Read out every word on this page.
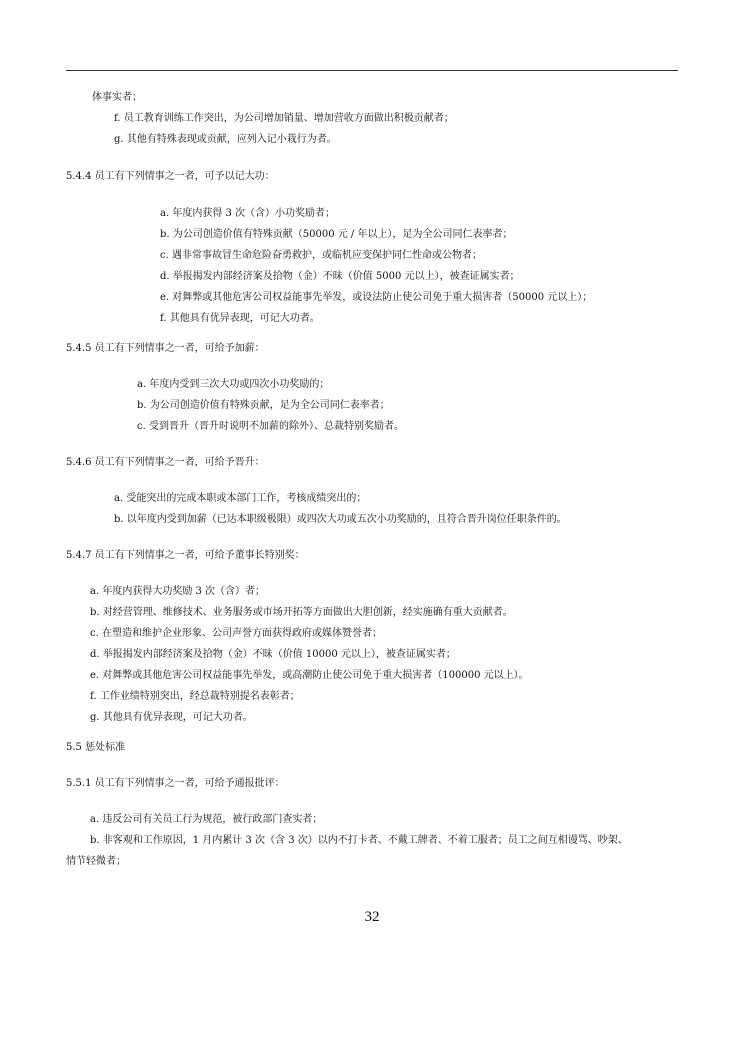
体事实者；
f. 员工教育训练工作突出，为公司增加销量、增加营收方面做出积极贡献者；
g. 其他有特殊表现或贡献，应列入记小栽行为者。
5.4.4 员工有下列情事之一者，可予以记大功：
a. 年度内获得 3 次（含）小功奖励者；
b. 为公司创造价值有特殊贡献（50000 元 / 年以上），足为全公司同仁表率者；
c. 遇非常事故冒生命危险奋勇救护，或临机应变保护同仁性命或公物者；
d. 举报揭发内部经济案及拾物（金）不昧（价值 5000 元以上），被查证属实者；
e. 对舞弊或其他危害公司权益能事先举发，或设法防止使公司免于重大损害者（50000 元以上）；
f. 其他具有优异表现，可记大功者。
5.4.5 员工有下列情事之一者，可给予加薪：
a. 年度内受到三次大功或四次小功奖励的；
b. 为公司创造价值有特殊贡献，足为全公司同仁表率者；
c. 受到晋升（晋升时说明不加薪的除外）、总裁特别奖励者。
5.4.6 员工有下列情事之一者，可给予晋升：
a. 受能突出的完成本职或本部门工作，考核成绩突出的；
b. 以年度内受到加薪（已达本职级极限）或四次大功或五次小功奖励的，且符合晋升岗位任职条件的。
5.4.7 员工有下列情事之一者，可给予董事长特别奖：
a. 年度内获得大功奖励 3 次（含）者；
b. 对经营管理、维修技术、业务服务或市场开拓等方面做出大胆创新，经实施确有重大贡献者。
c. 在塑造和维护企业形象、公司声誉方面获得政府或媒体赞誉者；
d. 举报揭发内部经济案及拾物（金）不昧（价值 10000 元以上），被查证属实者；
e. 对舞弊或其他危害公司权益能事先举发，或高潮防止使公司免于重大损害者（100000 元以上）。
f. 工作业绩特别突出，经总裁特别提名表彰者；
g. 其他具有优异表现，可记大功者。
5.5 惩处标准
5.5.1 员工有下列情事之一者，可给予通报批评：
a. 违反公司有关员工行为规范，被行政部门查实者；
b. 非客观和工作原因，1 月内累计 3 次（含 3 次）以内不打卡者、不戴工牌者、不着工服者；员工之间互相谩骂、吵架、
情节轻微者；
32
